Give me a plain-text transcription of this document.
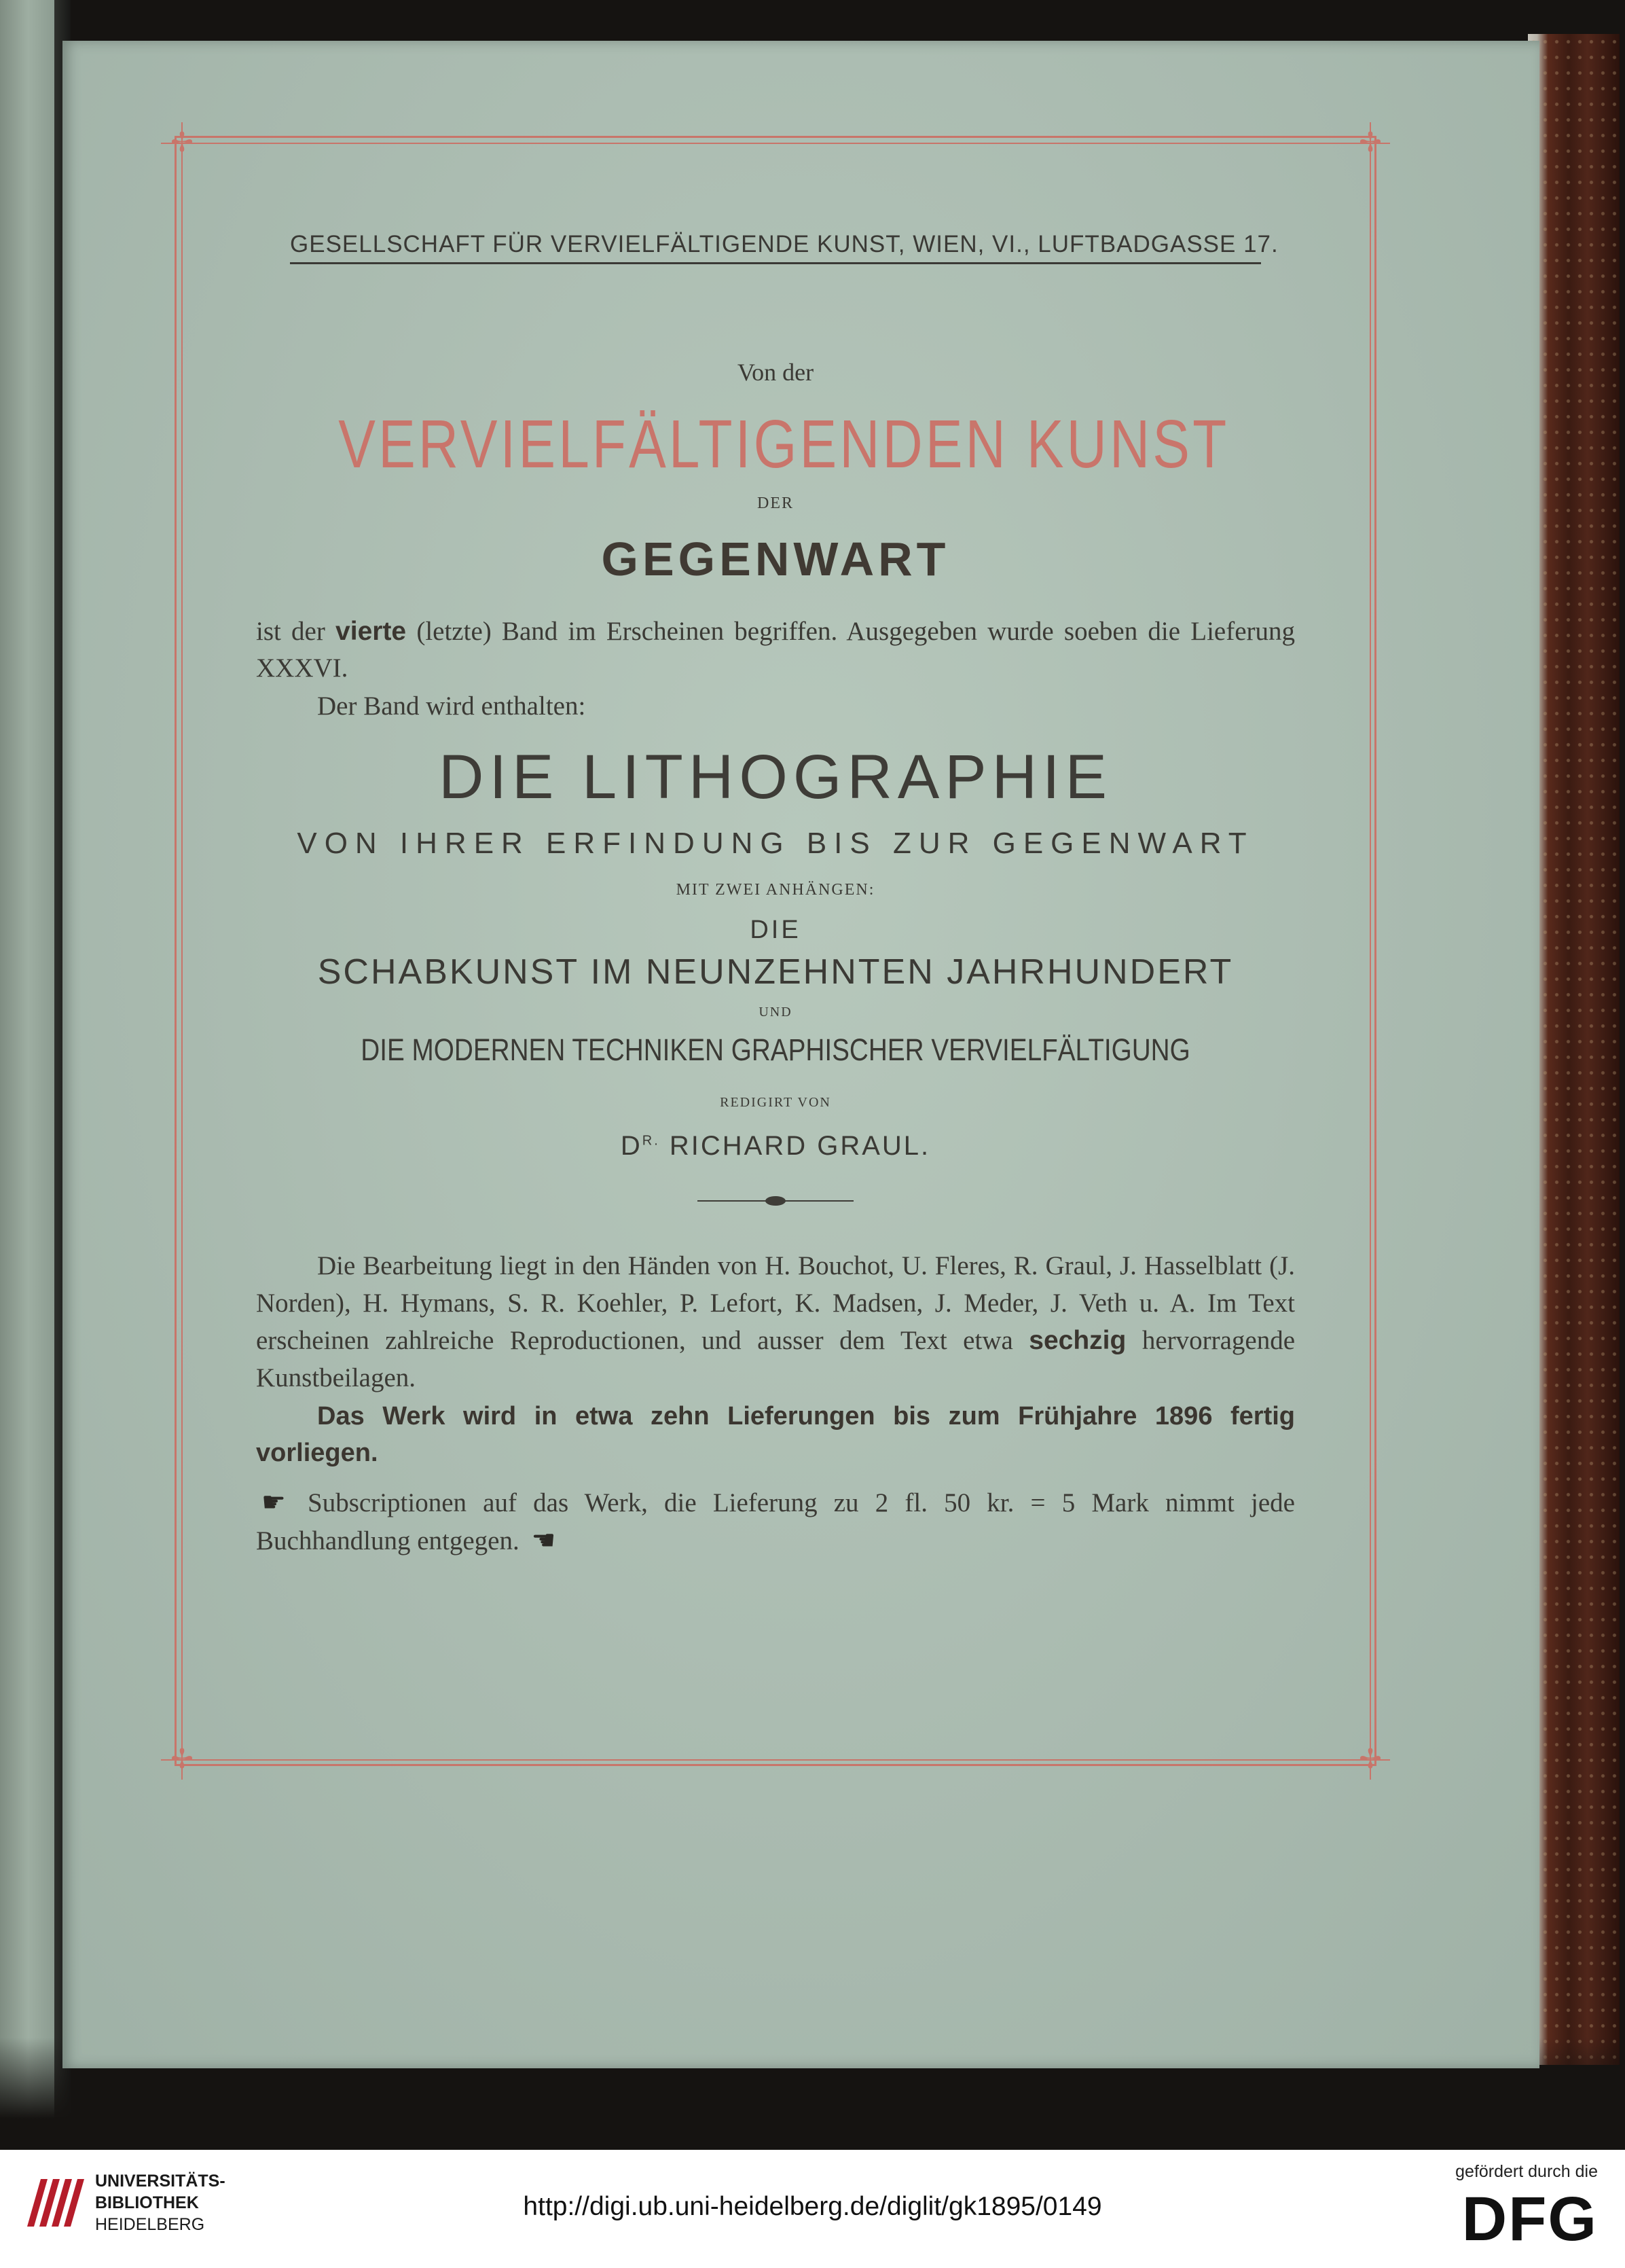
✢	✢
✢	✢
GESELLSCHAFT FÜR VERVIELFÄLTIGENDE KUNST, WIEN, VI., LUFTBADGASSE 17.
Von der
VERVIELFÄLTIGENDEN KUNST
DER
GEGENWART
ist der vierte (letzte) Band im Erscheinen begriffen. Ausgegeben wurde soeben die Lieferung XXXVI.
Der Band wird enthalten:
DIE LITHOGRAPHIE
VON IHRER ERFINDUNG BIS ZUR GEGENWART
MIT ZWEI ANHÄNGEN:
DIE
SCHABKUNST IM NEUNZEHNTEN JAHRHUNDERT
UND
DIE MODERNEN TECHNIKEN GRAPHISCHER VERVIELFÄLTIGUNG
REDIGIRT VON
$D^{R.}$ RICHARD GRAUL.
Die Bearbeitung liegt in den Händen von H. Bouchot, U. Fleres, R. Graul, J. Hasselblatt (J. Norden), H. Hymans, S. R. Koehler, P. Lefort, K. Madsen, J. Meder, J. Veth u. A. Im Text erscheinen zahlreiche Reproductionen, und ausser dem Text etwa sechzig hervorragende Kunstbeilagen.
Das Werk wird in etwa zehn Lieferungen bis zum Frühjahre 1896 fertig vorliegen.
☛ Subscriptionen auf das Werk, die Lieferung zu 2 fl. 50 kr. = 5 Mark nimmt jede Buchhandlung entgegen. ☚
UNIVERSITÄTS-
BIBLIOTHEK
HEIDELBERG
http://digi.ub.uni-heidelberg.de/diglit/gk1895/0149
gefördert durch die
DFG
